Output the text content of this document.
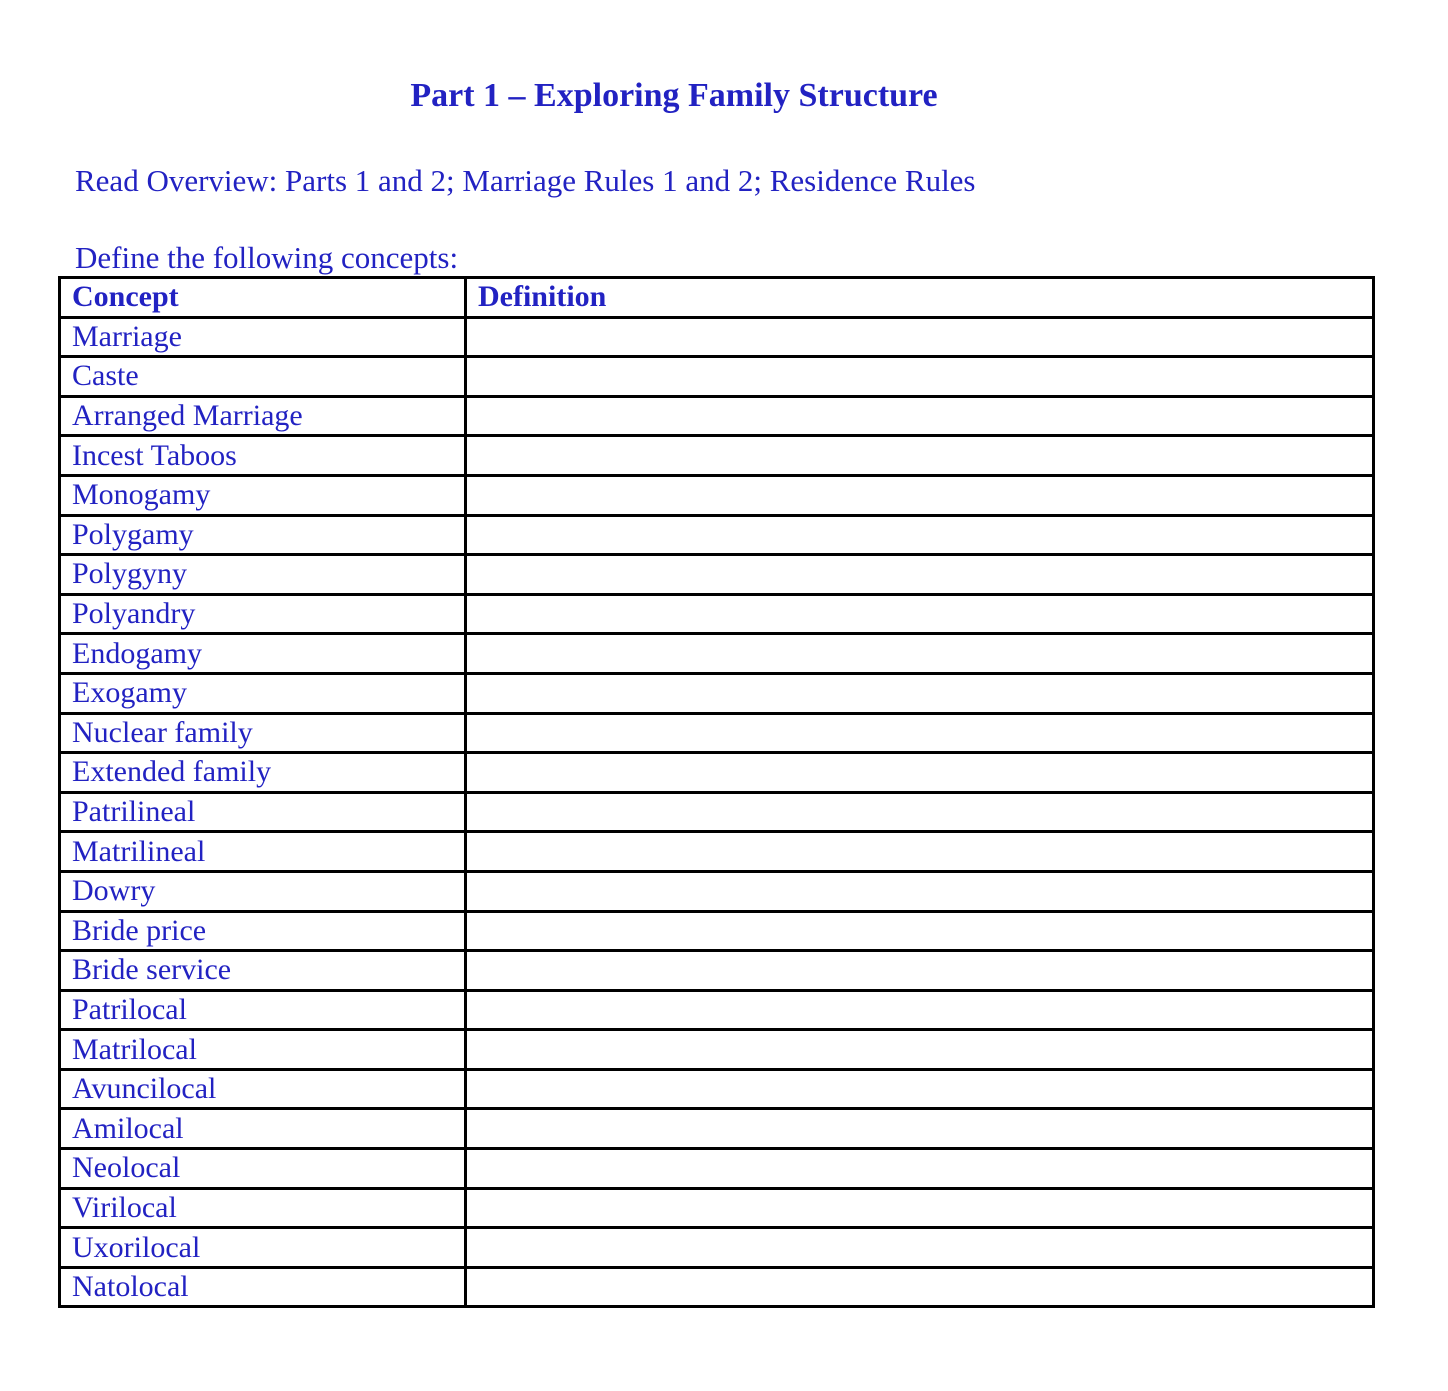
Part 1 – Exploring Family Structure
Read Overview: Parts 1 and 2; Marriage Rules 1 and 2; Residence Rules
Define the following concepts:
Concept	Definition
Marriage	
Caste	
Arranged Marriage	
Incest Taboos	
Monogamy	
Polygamy	
Polygyny	
Polyandry	
Endogamy	
Exogamy	
Nuclear family	
Extended family	
Patrilineal	
Matrilineal	
Dowry	
Bride price	
Bride service	
Patrilocal	
Matrilocal	
Avuncilocal	
Amilocal	
Neolocal	
Virilocal	
Uxorilocal	
Natolocal	
